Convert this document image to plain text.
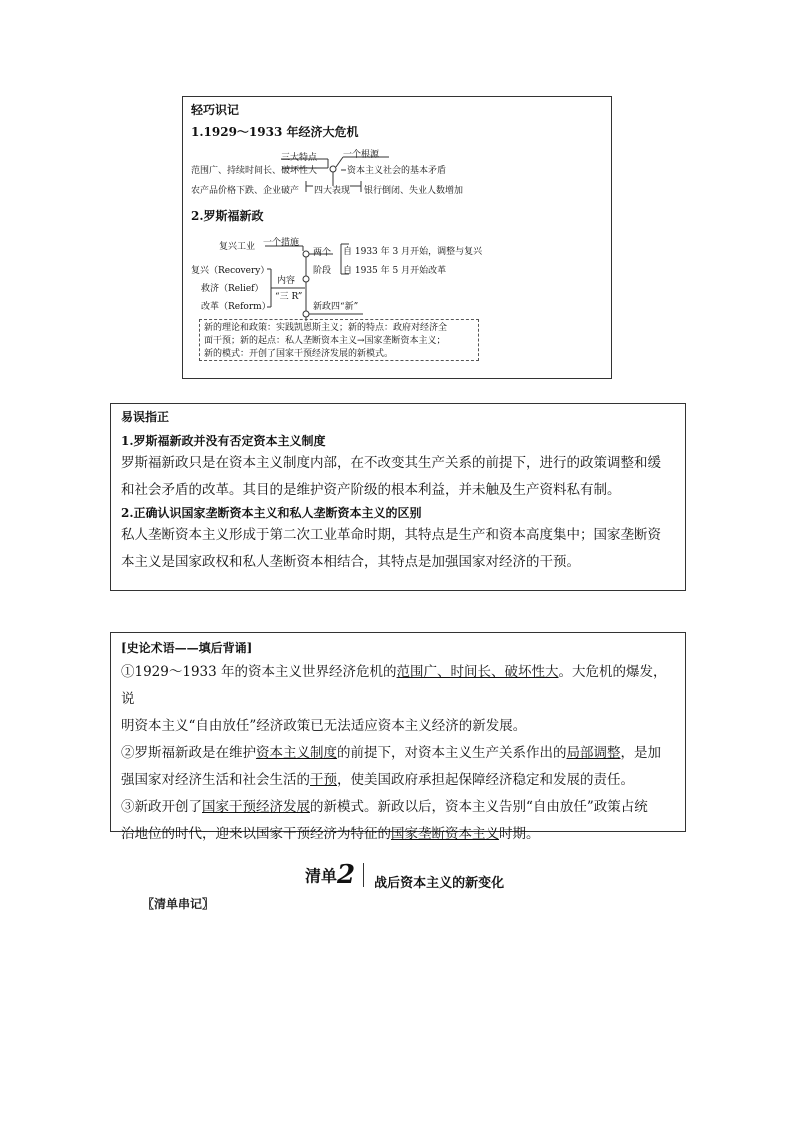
轻巧识记
1.1929～1933 年经济大危机
三大特点	一个根源
范围广、持续时间长、破坏性大	资本主义社会的基本矛盾
农产品价格下跌、企业破产 四大表现 银行倒闭、失业人数增加
2.罗斯福新政
一个措施
复兴工业
两个
阶段
自 1933 年 3 月开始，调整与复兴
自 1935 年 5 月开始改革
复兴（Recovery）
救济（Relief）
改革（Reform）
内容
“三 R”
新政四“新”
新的理论和政策：实践凯恩斯主义；新的特点：政府对经济全
面干预；新的起点：私人垄断资本主义→国家垄断资本主义；
新的模式：开创了国家干预经济发展的新模式。
易误指正
1.罗斯福新政并没有否定资本主义制度
罗斯福新政只是在资本主义制度内部，在不改变其生产关系的前提下，进行的政策调整和缓
和社会矛盾的改革。其目的是维护资产阶级的根本利益，并未触及生产资料私有制。
2.正确认识国家垄断资本主义和私人垄断资本主义的区别
私人垄断资本主义形成于第二次工业革命时期，其特点是生产和资本高度集中；国家垄断资
本主义是国家政权和私人垄断资本相结合，其特点是加强国家对经济的干预。
[史论术语——填后背诵]
①1929～1933 年的资本主义世界经济危机的范围广、时间长、破坏性大。大危机的爆发，说
明资本主义“自由放任”经济政策已无法适应资本主义经济的新发展。
②罗斯福新政是在维护资本主义制度的前提下，对资本主义生产关系作出的局部调整，是加
强国家对经济生活和社会生活的干预，使美国政府承担起保障经济稳定和发展的责任。
③新政开创了国家干预经济发展的新模式。新政以后，资本主义告别“自由放任”政策占统
治地位的时代，迎来以国家干预经济为特征的国家垄断资本主义时期。
清单2 $_{战后资本主义的新变化}$
〖清单串记〗
